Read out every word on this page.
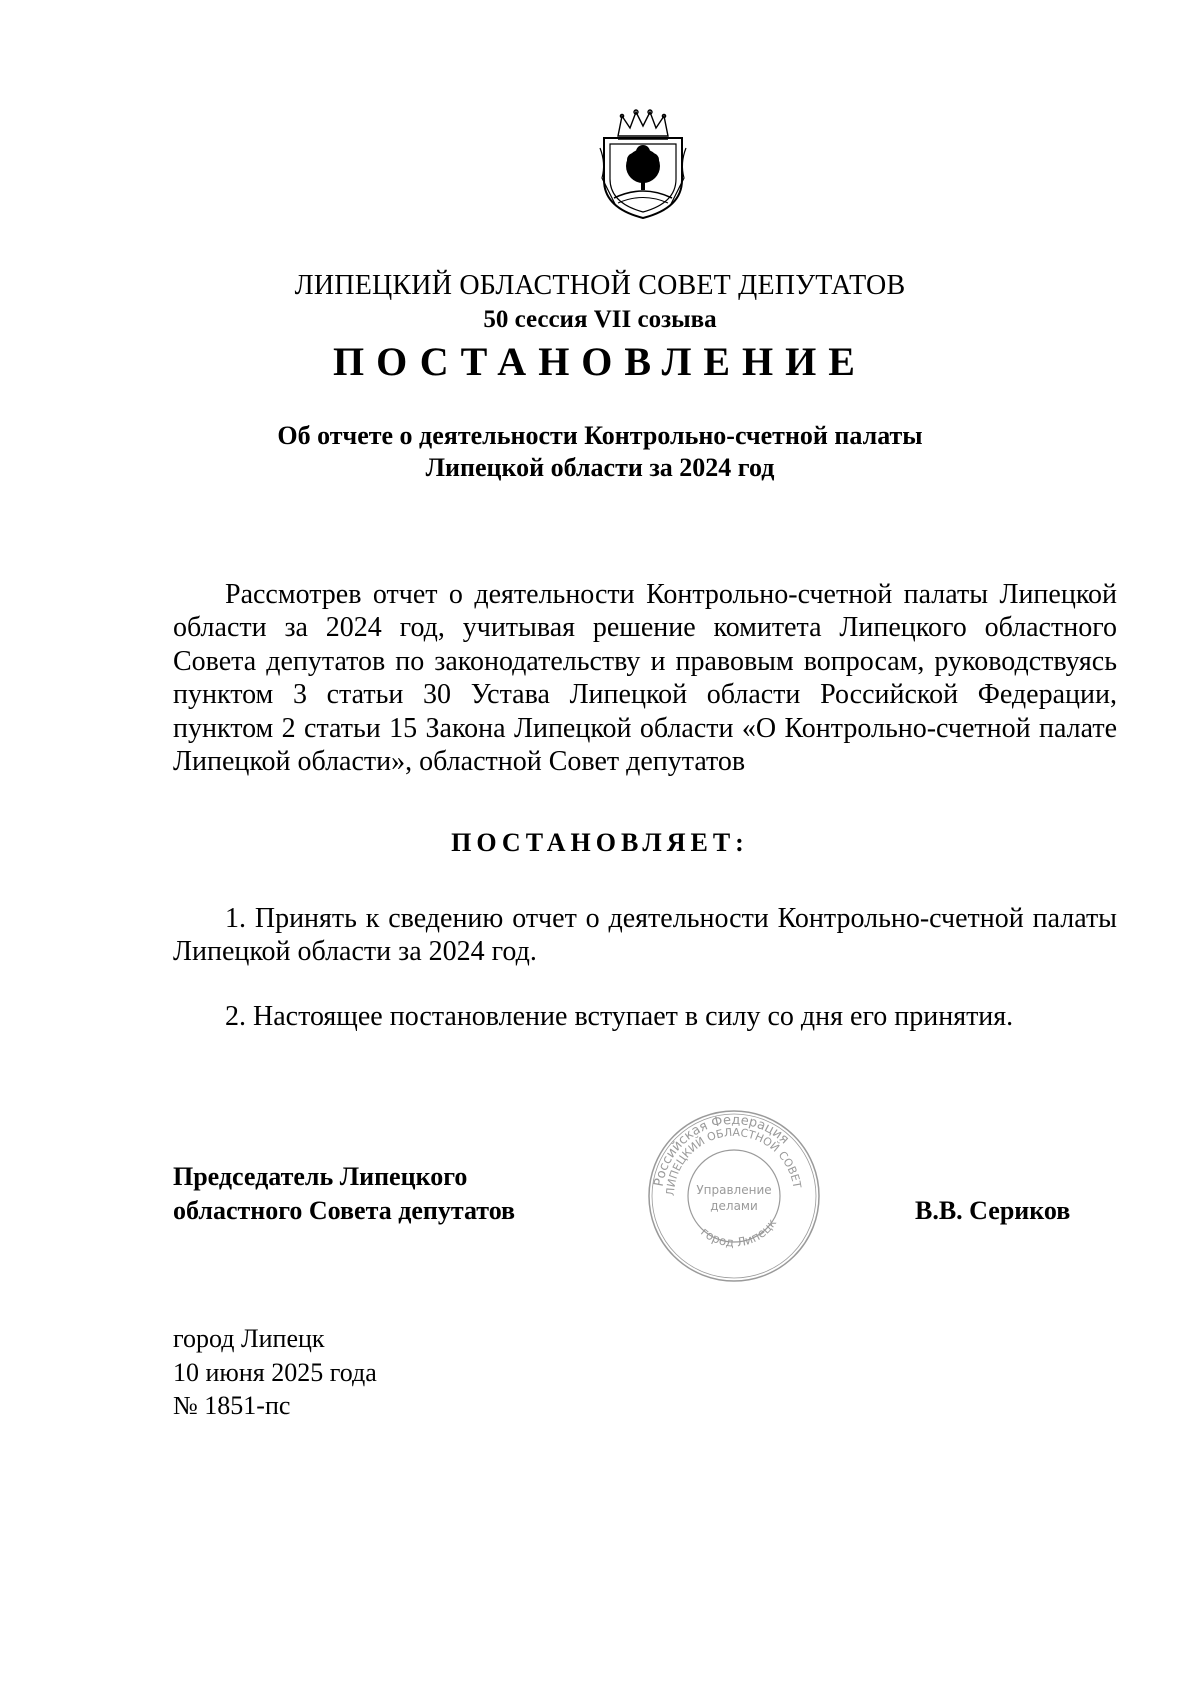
ЛИПЕЦКИЙ ОБЛАСТНОЙ СОВЕТ ДЕПУТАТОВ
50 сессия VII созыва
ПОСТАНОВЛЕНИЕ
Об отчете о деятельности Контрольно-счетной палаты
Липецкой области за 2024 год
Рассмотрев отчет о деятельности Контрольно-счетной палаты Липецкой области за 2024 год, учитывая решение комитета Липецкого областного Совета депутатов по законодательству и правовым вопросам, руководствуясь пунктом 3 статьи 30 Устава Липецкой области Российской Федерации, пунктом 2 статьи 15 Закона Липецкой области «О Контрольно-счетной палате Липецкой области», областной Совет депутатов
ПОСТАНОВЛЯЕТ:
1. Принять к сведению отчет о деятельности Контрольно-счетной палаты Липецкой области за 2024 год.
2. Настоящее постановление вступает в силу со дня его принятия.
Председатель Липецкого
областного Совета депутатов
Российская Федерация
ЛИПЕЦКИЙ ОБЛАСТНОЙ СОВЕТ
город Липецк
Управление
делами	В.В. Сериков
город Липецк
10 июня 2025 года
№ 1851-пс
